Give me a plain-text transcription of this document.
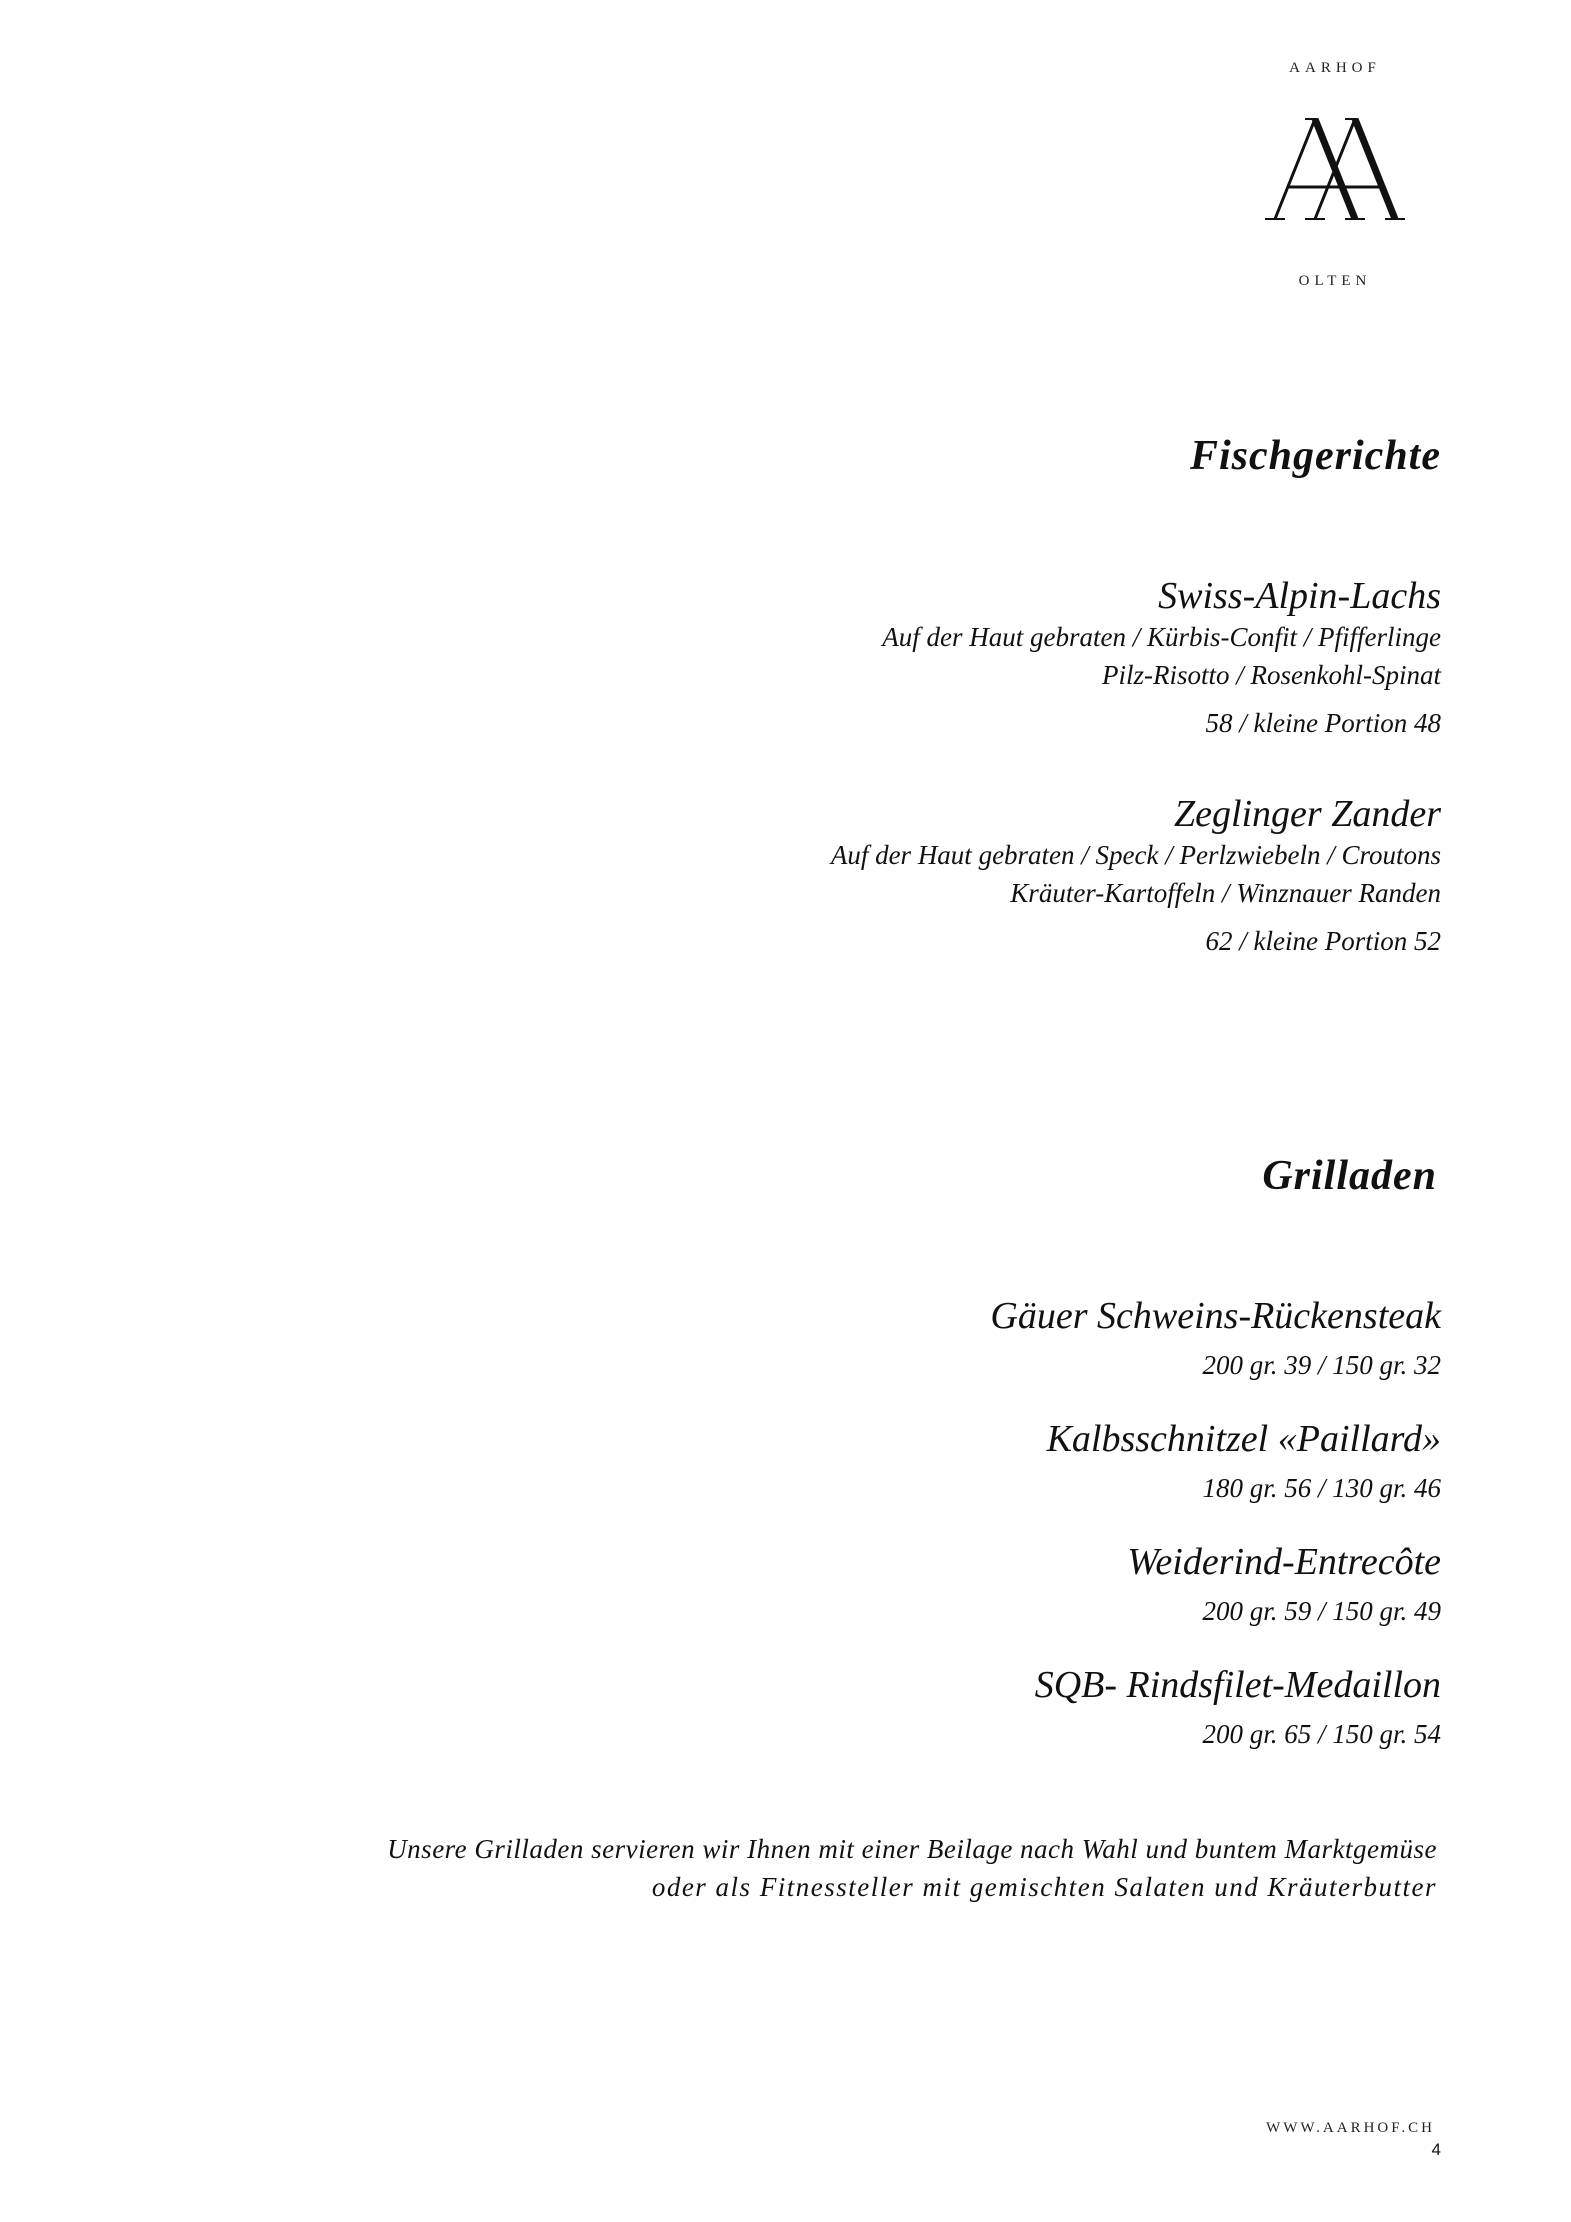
AARHOF
OLTEN
Fischgerichte
Swiss-Alpin-Lachs
Auf der Haut gebraten / Kürbis-Confit / Pfifferlinge
Pilz-Risotto / Rosenkohl-Spinat
58 / kleine Portion 48
Zeglinger Zander
Auf der Haut gebraten / Speck / Perlzwiebeln / Croutons
Kräuter-Kartoffeln / Winznauer Randen
62 / kleine Portion 52
Grilladen
Gäuer Schweins-Rückensteak
200 gr. 39 / 150 gr. 32
Kalbsschnitzel «Paillard»
180 gr. 56 / 130 gr. 46
Weiderind-Entrecôte
200 gr. 59 / 150 gr. 49
SQB- Rindsfilet-Medaillon
200 gr. 65 / 150 gr. 54
Unsere Grilladen servieren wir Ihnen mit einer Beilage nach Wahl und buntem Marktgemüse
oder als Fitnessteller mit gemischten Salaten und Kräuterbutter
WWW.AARHOF.CH
4
